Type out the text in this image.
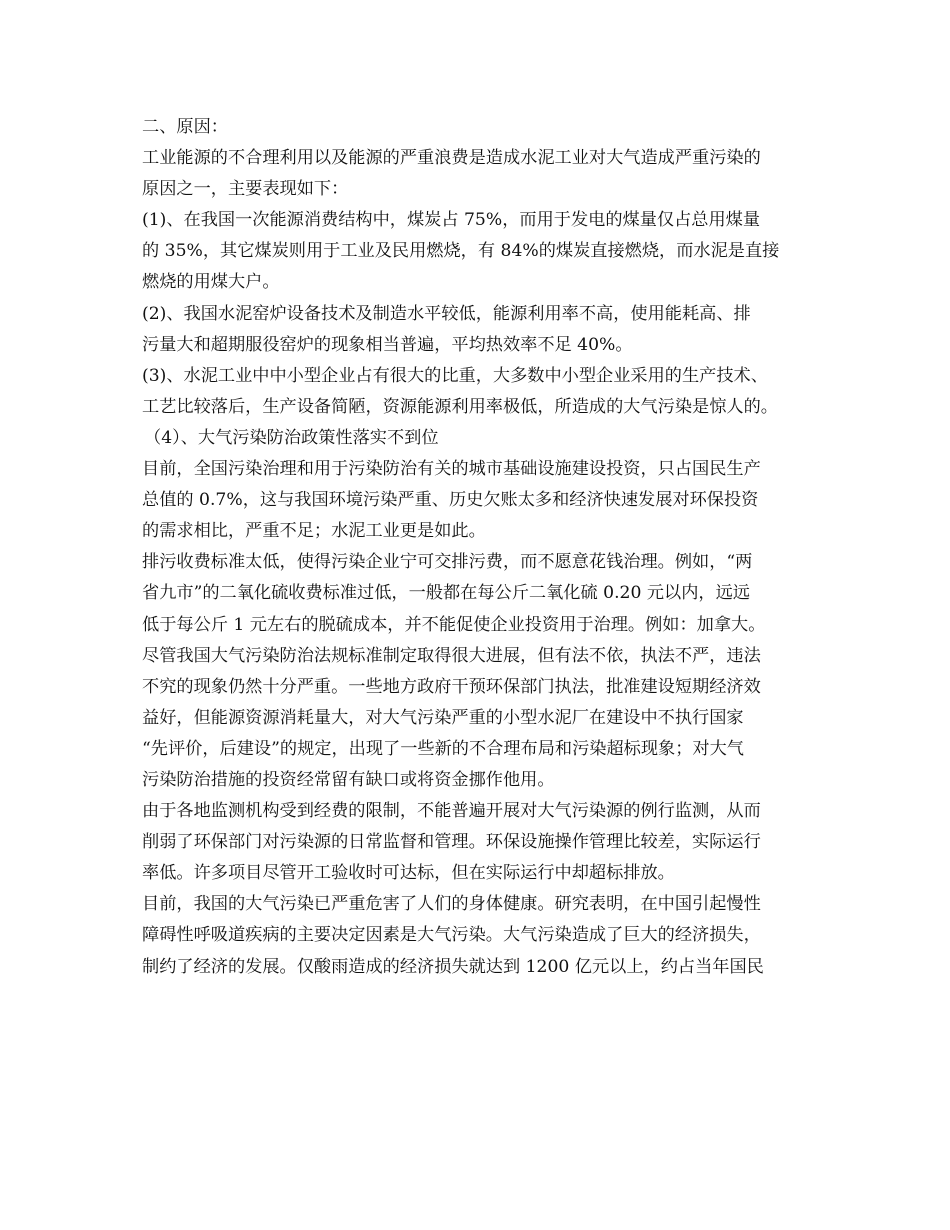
二、原因：
工业能源的不合理利用以及能源的严重浪费是造成水泥工业对大气造成严重污染的
原因之一，主要表现如下：
(1)、在我国一次能源消费结构中，煤炭占 75%，而用于发电的煤量仅占总用煤量
的 35%，其它煤炭则用于工业及民用燃烧，有 84%的煤炭直接燃烧，而水泥是直接
燃烧的用煤大户。
(2)、我国水泥窑炉设备技术及制造水平较低，能源利用率不高，使用能耗高、排
污量大和超期服役窑炉的现象相当普遍，平均热效率不足 40%。
(3)、水泥工业中中小型企业占有很大的比重，大多数中小型企业采用的生产技术、
工艺比较落后，生产设备简陋，资源能源利用率极低，所造成的大气污染是惊人的。
（4）、大气污染防治政策性落实不到位
目前，全国污染治理和用于污染防治有关的城市基础设施建设投资，只占国民生产
总值的 0.7%，这与我国环境污染严重、历史欠账太多和经济快速发展对环保投资
的需求相比，严重不足；水泥工业更是如此。
排污收费标准太低，使得污染企业宁可交排污费，而不愿意花钱治理。例如，“两
省九市”的二氧化硫收费标准过低，一般都在每公斤二氧化硫 0.20 元以内，远远
低于每公斤 1 元左右的脱硫成本，并不能促使企业投资用于治理。例如：加拿大。
尽管我国大气污染防治法规标准制定取得很大进展，但有法不依，执法不严，违法
不究的现象仍然十分严重。一些地方政府干预环保部门执法，批准建设短期经济效
益好，但能源资源消耗量大，对大气污染严重的小型水泥厂在建设中不执行国家
“先评价，后建设”的规定，出现了一些新的不合理布局和污染超标现象；对大气
污染防治措施的投资经常留有缺口或将资金挪作他用。
由于各地监测机构受到经费的限制，不能普遍开展对大气污染源的例行监测，从而
削弱了环保部门对污染源的日常监督和管理。环保设施操作管理比较差，实际运行
率低。许多项目尽管开工验收时可达标，但在实际运行中却超标排放。
目前，我国的大气污染已严重危害了人们的身体健康。研究表明，在中国引起慢性
障碍性呼吸道疾病的主要决定因素是大气污染。大气污染造成了巨大的经济损失，
制约了经济的发展。仅酸雨造成的经济损失就达到 1200 亿元以上，约占当年国民
